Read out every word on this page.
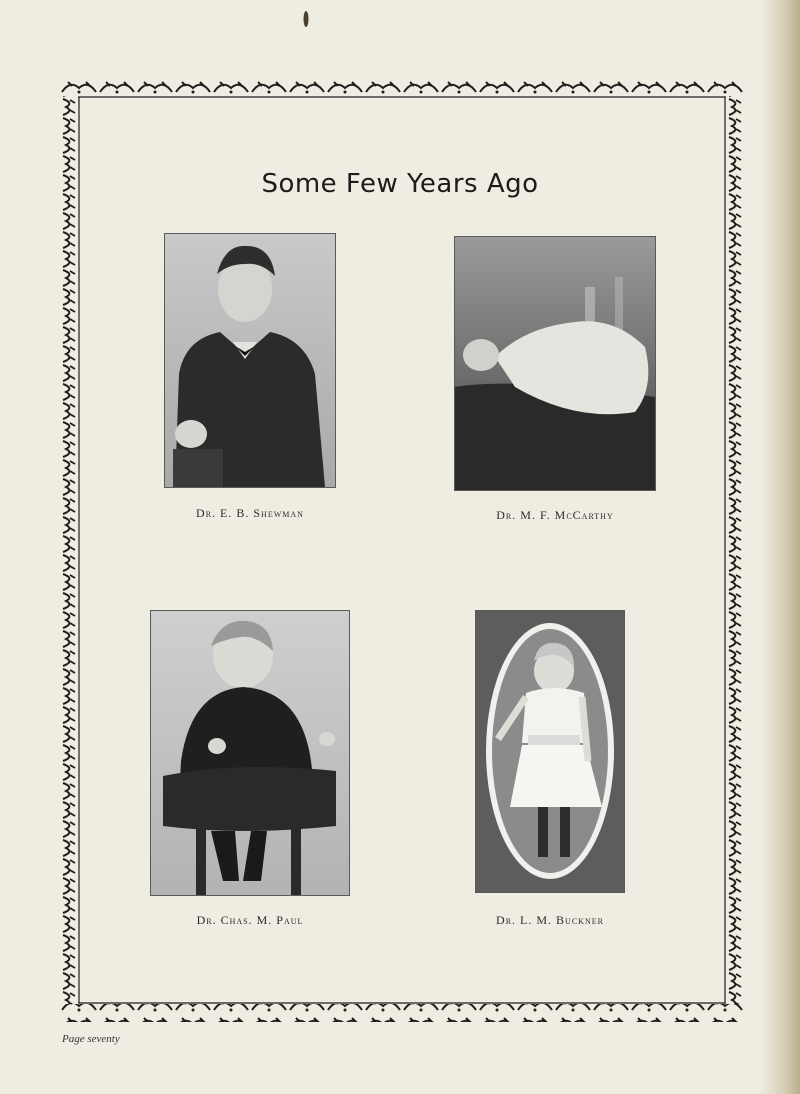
Some Few Years Ago
Dr. E. B. Shewman	Dr. M. F. McCarthy
Dr. Chas. M. Paul	Dr. L. M. Buckner
Page seventy
